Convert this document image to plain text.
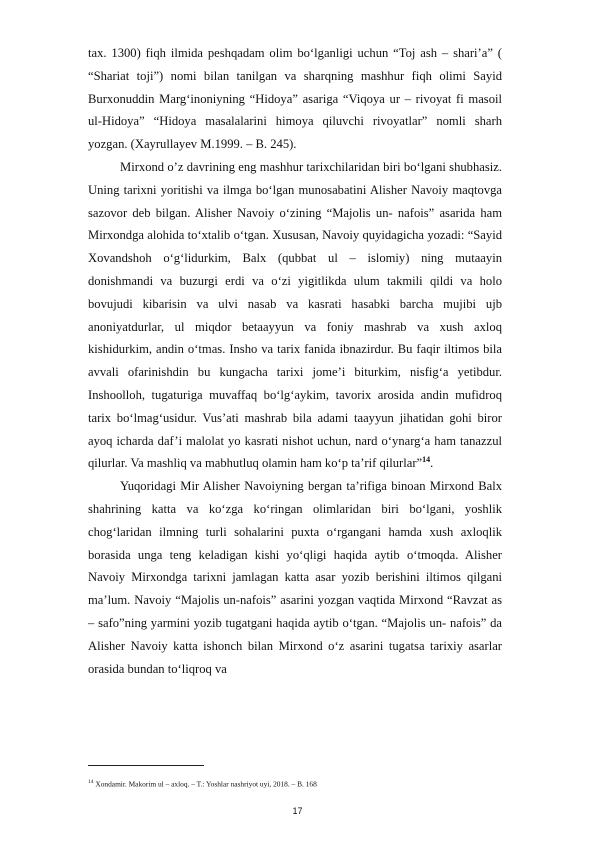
tax. 1300) fiqh ilmida peshqadam olim bo‘lganligi uchun “Toj ash – shari’a” ( “Shariat toji”) nomi bilan tanilgan va sharqning mashhur fiqh olimi Sayid Burxonuddin Marg‘inoniyning “Hidoya” asariga “Viqoya ur – rivoyat fi masoil ul-Hidoya” “Hidoya masalalarini himoya qiluvchi rivoyatlar” nomli sharh yozgan. (Xayrullayev M.1999. – B. 245).

Mirxond o’z davrining eng mashhur tarixchilaridan biri bo‘lgani shubhasiz. Uning tarixni yoritishi va ilmga bo‘lgan munosabatini Alisher Navoiy maqtovga sazovor deb bilgan. Alisher Navoiy o‘zining “Majolis un- nafois” asarida ham Mirxondga alohida to‘xtalib o‘tgan. Xususan, Navoiy quyidagicha yozadi: “Sayid Xovandshoh o‘g‘lidurkim, Balx (qubbat ul – islomiy) ning mutaayin donishmandi va buzurgi erdi va o‘zi yigitlikda ulum takmili qildi va holo bovujudi kibarisin va ulvi nasab va kasrati hasabki barcha mujibi ujb anoniyatdurlar, ul miqdor betaayyun va foniy mashrab va xush axloq kishidurkim, andin o‘tmas. Insho va tarix fanida ibnazirdur. Bu faqir iltimos bila avvali ofarinishdin bu kungacha tarixi jome’i biturkim, nisfig‘a yetibdur. Inshoolloh, tugaturiga muvaffaq bo‘lg‘aykim, tavorix arosida andin mufidroq tarix bo‘lmag‘usidur. Vus’ati mashrab bila adami taayyun jihatidan gohi biror ayoq icharda daf’i malolat yo kasrati nishot uchun, nard o‘ynarg‘a ham tanazzul qilurlar. Va mashliq va mabhutluq olamin ham ko‘p ta’rif qilurlar”$^{14}$.

Yuqoridagi Mir Alisher Navoiyning bergan ta’rifiga binoan Mirxond Balx shahrining katta va ko‘zga ko‘ringan olimlaridan biri bo‘lgani, yoshlik chog‘laridan ilmning turli sohalarini puxta o‘rgangani hamda xush axloqlik borasida unga teng keladigan kishi yo‘qligi haqida aytib o‘tmoqda. Alisher Navoiy Mirxondga tarixni jamlagan katta asar yozib berishini iltimos qilgani ma’lum. Navoiy “Majolis un-nafois” asarini yozgan vaqtida Mirxond “Ravzat as – safo”ning yarmini yozib tugatgani haqida aytib o‘tgan. “Majolis un- nafois” da Alisher Navoiy katta ishonch bilan Mirxond o‘z asarini tugatsa tarixiy asarlar orasida bundan to‘liqroq va

$^{14}$ Xondamir. Makorim ul – axloq. – T.: Yoshlar nashriyot uyi, 2018. – B. 168
17
